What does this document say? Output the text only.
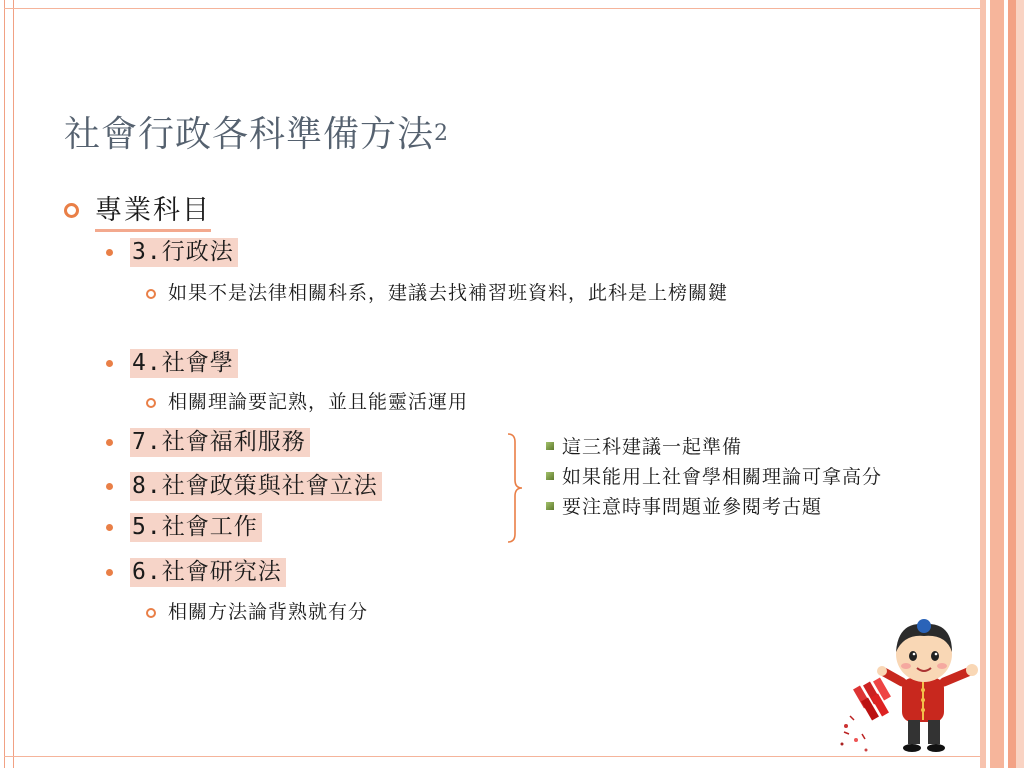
社會行政各科準備方法$^2$
專業科目
3.行政法
如果不是法律相關科系，建議去找補習班資料，此科是上榜關鍵
4.社會學
相關理論要記熟，並且能靈活運用
7.社會福利服務
8.社會政策與社會立法
5.社會工作
6.社會研究法
相關方法論背熟就有分
這三科建議一起準備
如果能用上社會學相關理論可拿高分
要注意時事問題並參閱考古題
